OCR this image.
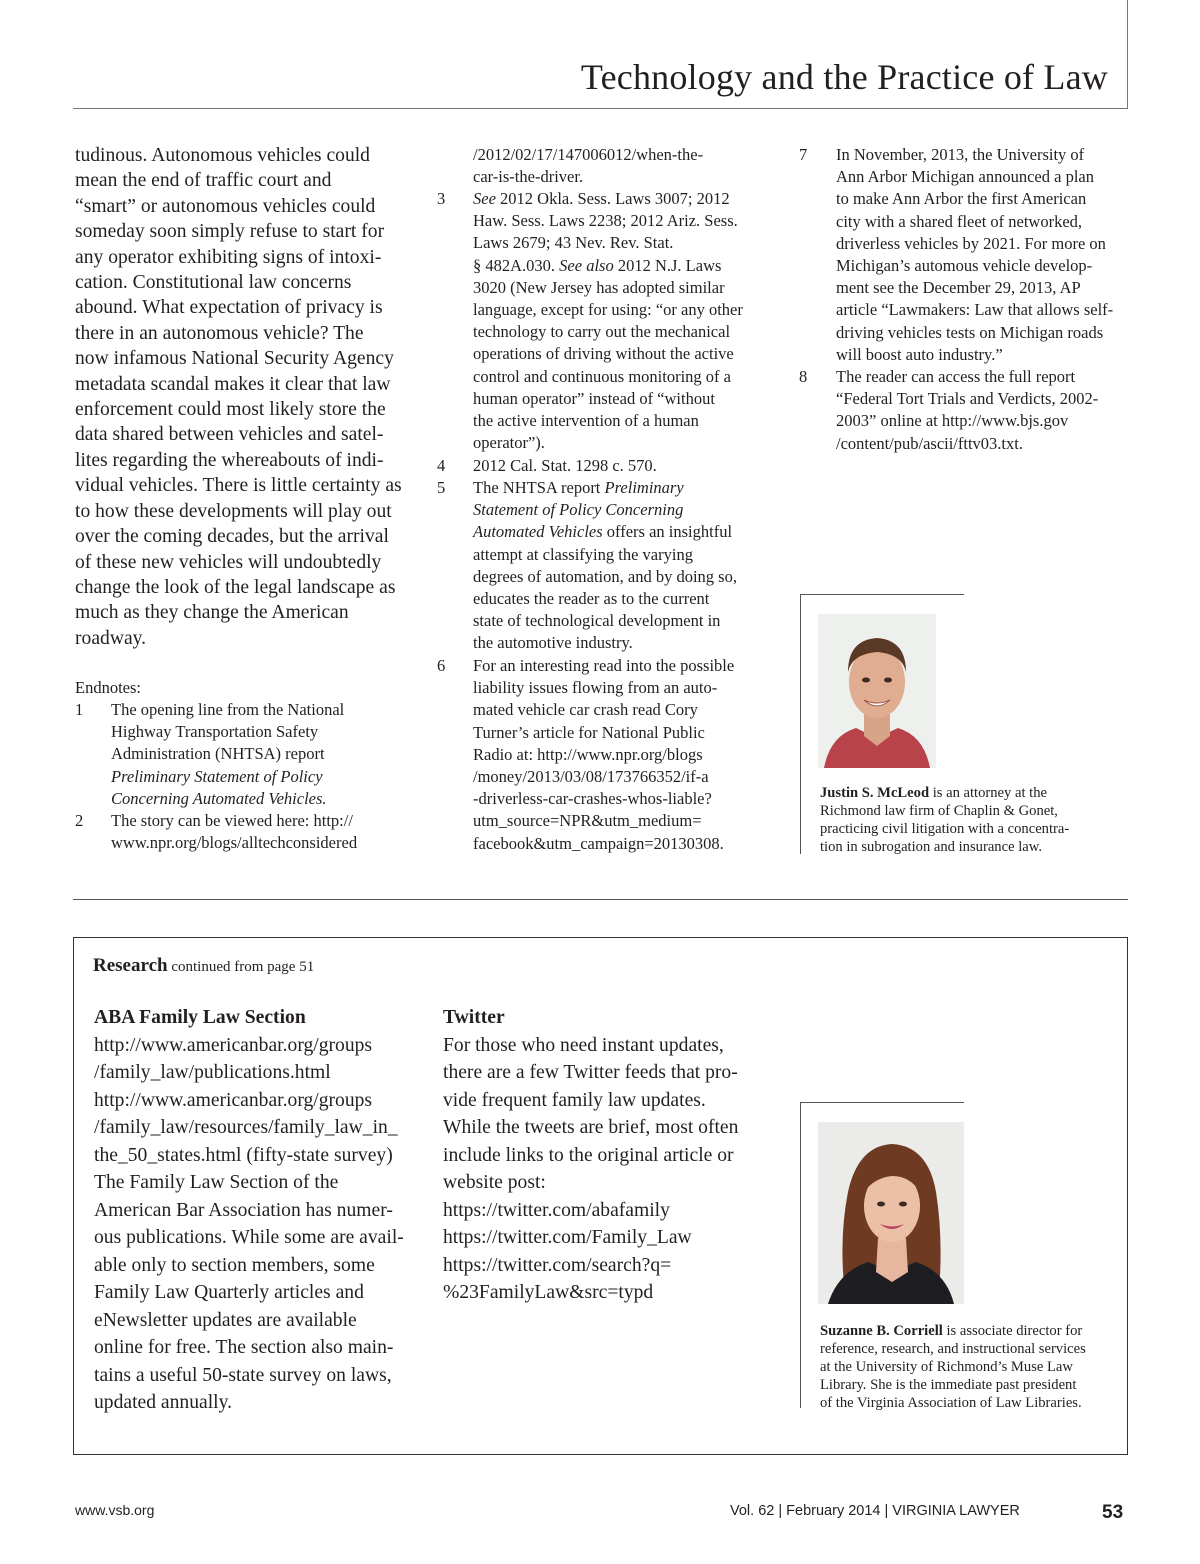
Technology and the Practice of Law

tudinous. Autonomous vehicles could

mean the end of traffic court and

“smart” or autonomous vehicles could

someday soon simply refuse to start for

any operator exhibiting signs of intoxi-

cation. Constitutional law concerns

abound. What expectation of privacy is

there in an autonomous vehicle? The

now infamous National Security Agency

metadata scandal makes it clear that law

enforcement could most likely store the

data shared between vehicles and satel-

lites regarding the whereabouts of indi-

vidual vehicles. There is little certainty as

to how these developments will play out

over the coming decades, but the arrival

of these new vehicles will undoubtedly

change the look of the legal landscape as

much as they change the American

roadway.

Endnotes:
1 The opening line from the National
Highway Transportation Safety
Administration (NHTSA) report
Preliminary Statement of Policy
Concerning Automated Vehicles.
2 The story can be viewed here: http://
www.npr.org/blogs/alltechconsidered
/2012/02/17/147006012/when-the-
car-is-the-driver.
3 See 2012 Okla. Sess. Laws 3007; 2012
Haw. Sess. Laws 2238; 2012 Ariz. Sess.
Laws 2679; 43 Nev. Rev. Stat.
§ 482A.030. See also 2012 N.J. Laws
3020 (New Jersey has adopted similar
language, except for using: “or any other
technology to carry out the mechanical
operations of driving without the active
control and continuous monitoring of a
human operator” instead of “without
the active intervention of a human
operator”).
4 2012 Cal. Stat. 1298 c. 570.
5 The NHTSA report Preliminary
Statement of Policy Concerning
Automated Vehicles offers an insightful
attempt at classifying the varying
degrees of automation, and by doing so,
educates the reader as to the current
state of technological development in
the automotive industry.
6 For an interesting read into the possible
liability issues flowing from an auto-
mated vehicle car crash read Cory
Turner’s article for National Public
Radio at: http://www.npr.org/blogs
/money/2013/03/08/173766352/if-a
-driverless-car-crashes-whos-liable?
utm_source=NPR&utm_medium=
facebook&utm_campaign=20130308.
7 In November, 2013, the University of
Ann Arbor Michigan announced a plan
to make Ann Arbor the first American
city with a shared fleet of networked,
driverless vehicles by 2021. For more on
Michigan’s automous vehicle develop-
ment see the December 29, 2013, AP
article “Lawmakers: Law that allows self-
driving vehicles tests on Michigan roads
will boost auto industry.”
8 The reader can access the full report
“Federal Tort Trials and Verdicts, 2002-
2003” online at http://www.bjs.gov
/content/pub/ascii/fttv03.txt.
Justin S. McLeod is an attorney at the
Richmond law firm of Chaplin & Gonet,
practicing civil litigation with a concentra-
tion in subrogation and insurance law.
Research continued from page 51
ABA Family Law Section
http://www.americanbar.org/groups
/family_law/publications.html
http://www.americanbar.org/groups
/family_law/resources/family_law_in_
the_50_states.html (fifty-state survey)
The Family Law Section of the
American Bar Association has numer-
ous publications. While some are avail-
able only to section members, some
Family Law Quarterly articles and
eNewsletter updates are available
online for free. The section also main-
tains a useful 50-state survey on laws,
updated annually.
Twitter
For those who need instant updates,
there are a few Twitter feeds that pro-
vide frequent family law updates.
While the tweets are brief, most often
include links to the original article or
website post:
https://twitter.com/abafamily
https://twitter.com/Family_Law
https://twitter.com/search?q=
%23FamilyLaw&src=typd
Suzanne B. Corriell is associate director for
reference, research, and instructional services
at the University of Richmond’s Muse Law
Library. She is the immediate past president
of the Virginia Association of Law Libraries.
www.vsb.org	Vol. 62 | February 2014 | VIRGINIA LAWYER	53
